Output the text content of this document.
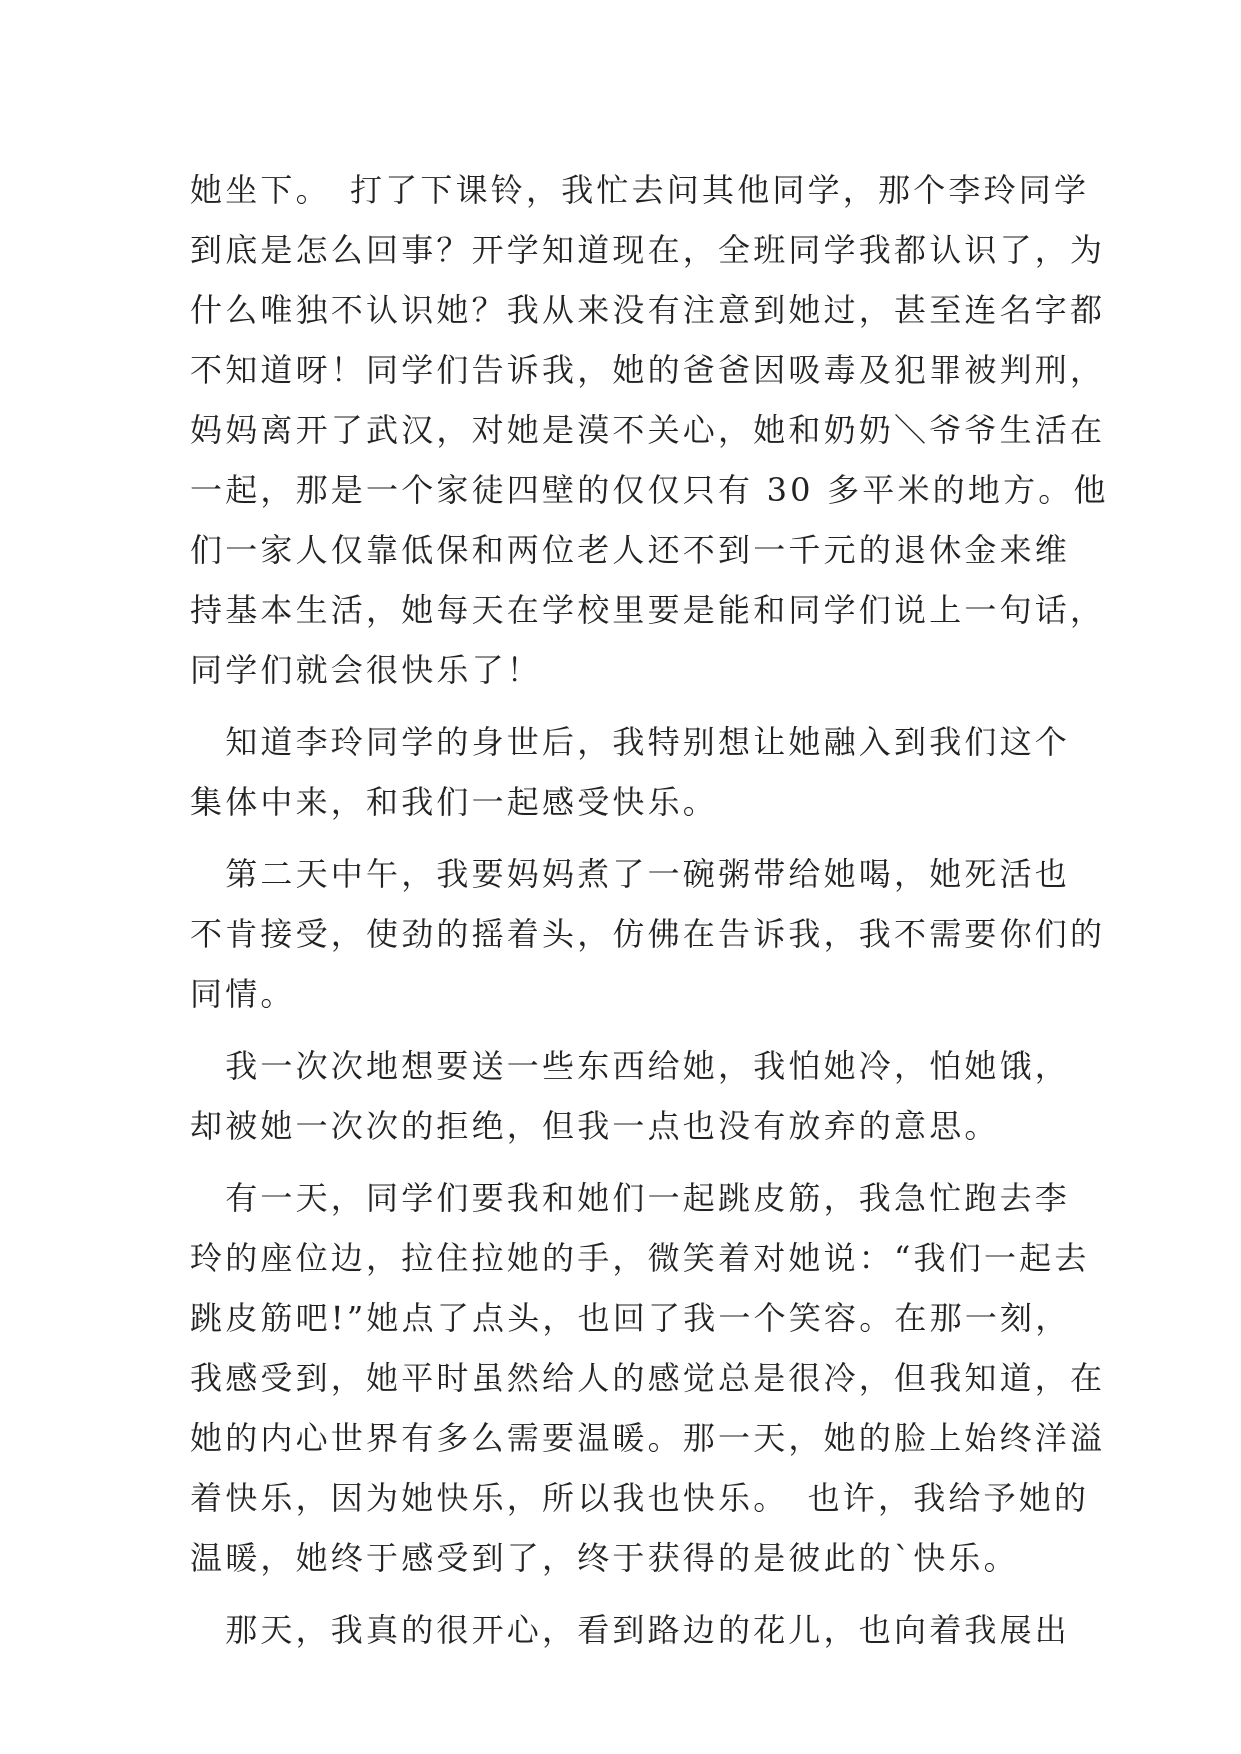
她坐下。　打了下课铃，我忙去问其他同学，那个李玲同学
到底是怎么回事？开学知道现在，全班同学我都认识了，为
什么唯独不认识她？我从来没有注意到她过，甚至连名字都
不知道呀！同学们告诉我，她的爸爸因吸毒及犯罪被判刑，
妈妈离开了武汉，对她是漠不关心，她和奶奶＼爷爷生活在
一起，那是一个家徒四壁的仅仅只有 30 多平米的地方。他
们一家人仅靠低保和两位老人还不到一千元的退休金来维
持基本生活，她每天在学校里要是能和同学们说上一句话，
同学们就会很快乐了！
　知道李玲同学的身世后，我特别想让她融入到我们这个
集体中来，和我们一起感受快乐。
　第二天中午，我要妈妈煮了一碗粥带给她喝，她死活也
不肯接受，使劲的摇着头，仿佛在告诉我，我不需要你们的
同情。
　我一次次地想要送一些东西给她，我怕她冷，怕她饿，
却被她一次次的拒绝，但我一点也没有放弃的意思。
　有一天，同学们要我和她们一起跳皮筋，我急忙跑去李
玲的座位边，拉住拉她的手，微笑着对她说：“我们一起去
跳皮筋吧!”她点了点头，也回了我一个笑容。在那一刻，
我感受到，她平时虽然给人的感觉总是很冷，但我知道，在
她的内心世界有多么需要温暖。那一天，她的脸上始终洋溢
着快乐，因为她快乐，所以我也快乐。　也许，我给予她的
温暖，她终于感受到了，终于获得的是彼此的`快乐。
　那天，我真的很开心，看到路边的花儿，也向着我展出
